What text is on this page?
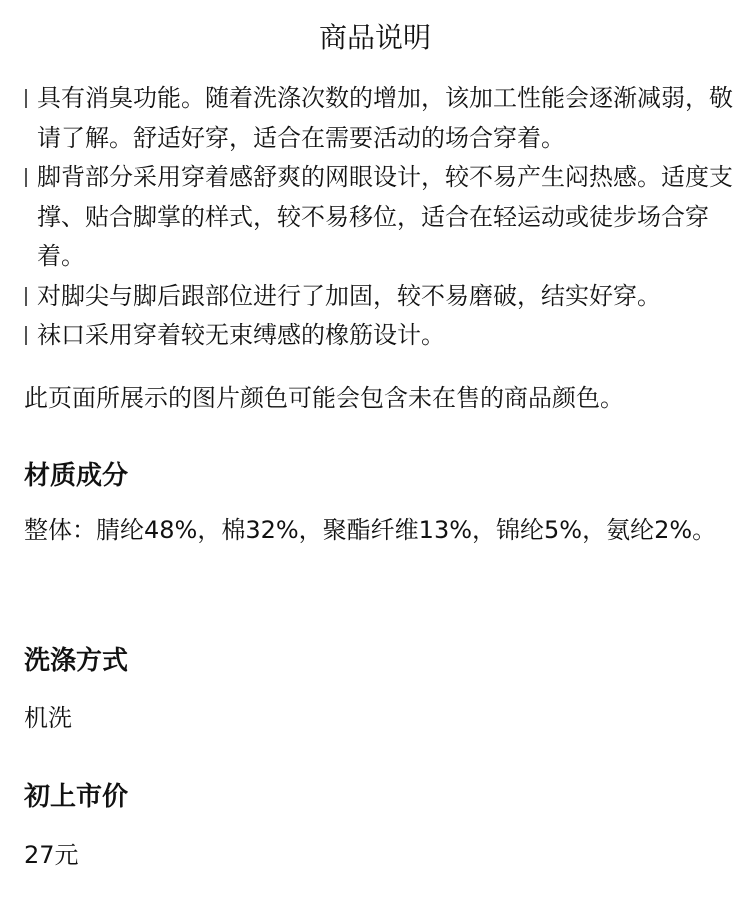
商品说明
具有消臭功能。随着洗涤次数的增加，该加工性能会逐渐减弱，敬请了解。舒适好穿，适合在需要活动的场合穿着。
脚背部分采用穿着感舒爽的网眼设计，较不易产生闷热感。适度支撑、贴合脚掌的样式，较不易移位，适合在轻运动或徒步场合穿着。
对脚尖与脚后跟部位进行了加固，较不易磨破，结实好穿。
袜口采用穿着较无束缚感的橡筋设计。
此页面所展示的图片颜色可能会包含未在售的商品颜色。
材质成分
整体：腈纶48%，棉32%，聚酯纤维13%，锦纶5%，氨纶2%。
洗涤方式
机洗
初上市价
27元
